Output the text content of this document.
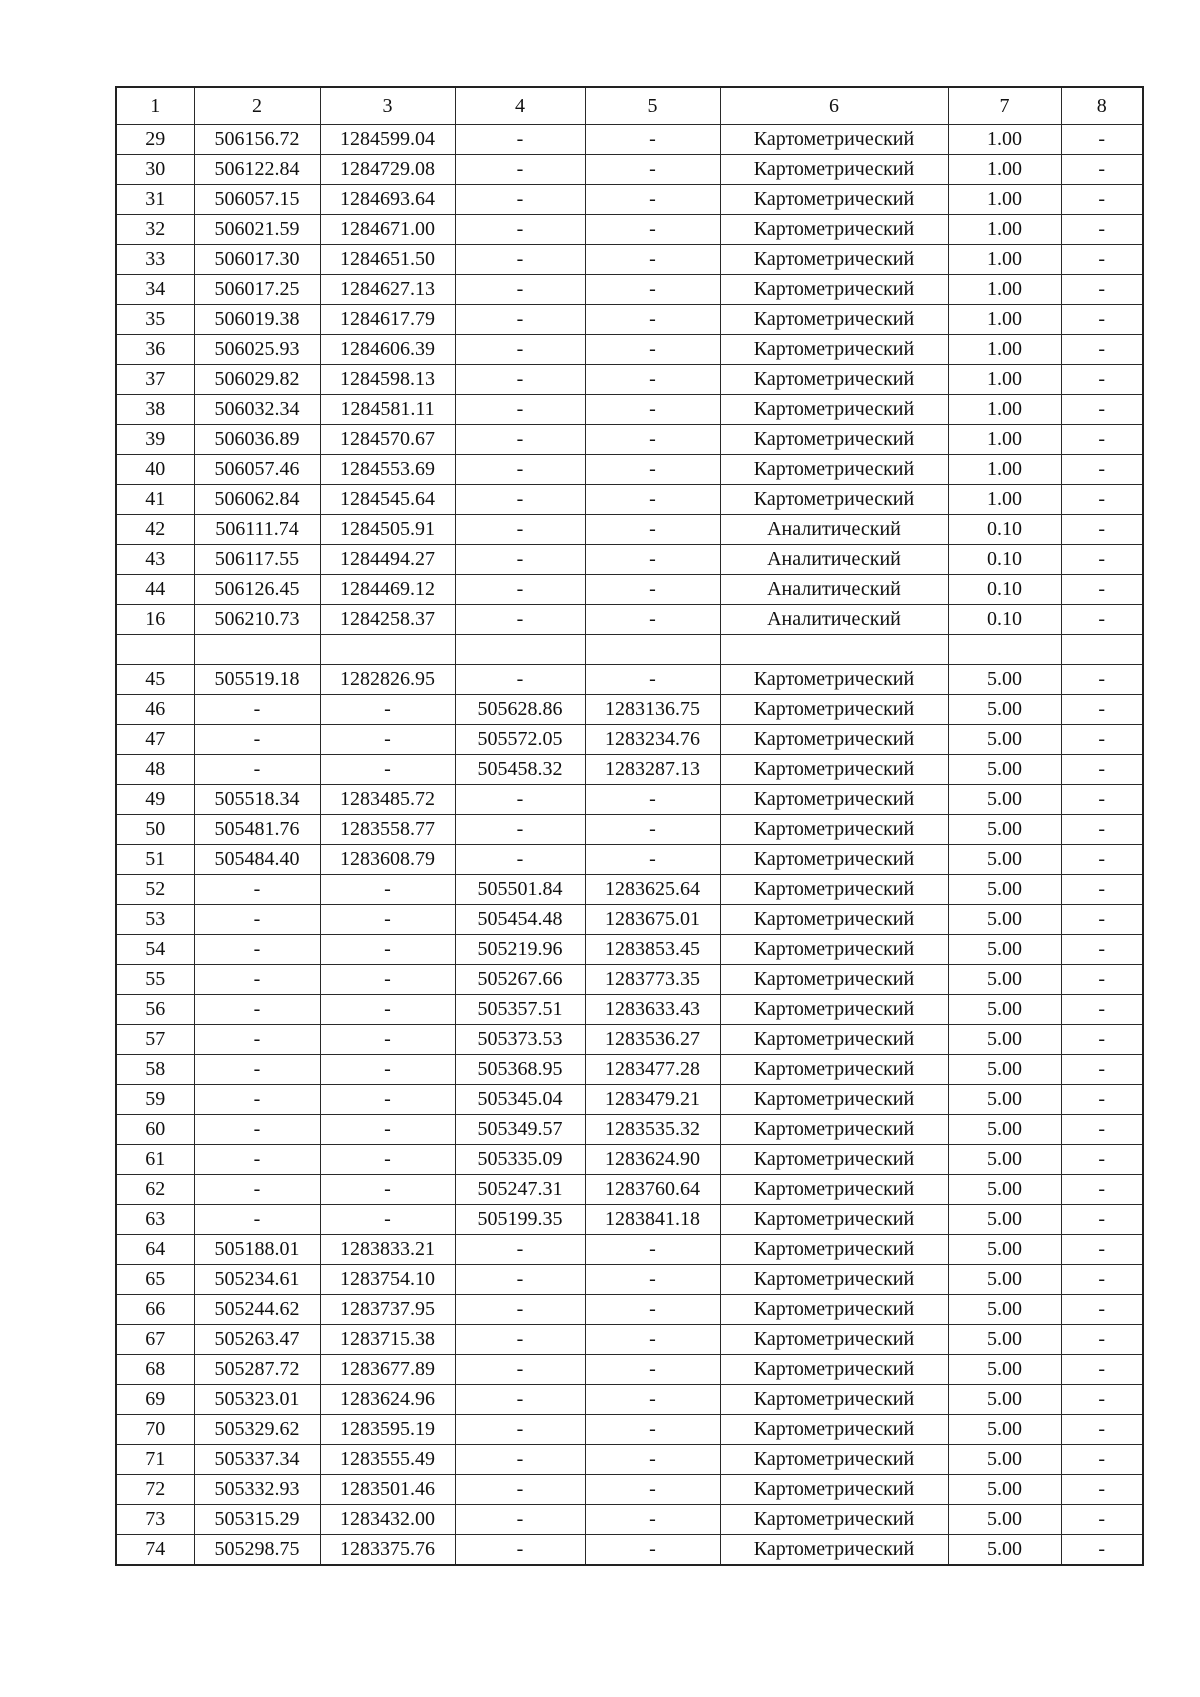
1	2	3	4	5	6	7	8
29	506156.72	1284599.04	-	-	Картометрический	1.00	-
30	506122.84	1284729.08	-	-	Картометрический	1.00	-
31	506057.15	1284693.64	-	-	Картометрический	1.00	-
32	506021.59	1284671.00	-	-	Картометрический	1.00	-
33	506017.30	1284651.50	-	-	Картометрический	1.00	-
34	506017.25	1284627.13	-	-	Картометрический	1.00	-
35	506019.38	1284617.79	-	-	Картометрический	1.00	-
36	506025.93	1284606.39	-	-	Картометрический	1.00	-
37	506029.82	1284598.13	-	-	Картометрический	1.00	-
38	506032.34	1284581.11	-	-	Картометрический	1.00	-
39	506036.89	1284570.67	-	-	Картометрический	1.00	-
40	506057.46	1284553.69	-	-	Картометрический	1.00	-
41	506062.84	1284545.64	-	-	Картометрический	1.00	-
42	506111.74	1284505.91	-	-	Аналитический	0.10	-
43	506117.55	1284494.27	-	-	Аналитический	0.10	-
44	506126.45	1284469.12	-	-	Аналитический	0.10	-
16	506210.73	1284258.37	-	-	Аналитический	0.10	-

45	505519.18	1282826.95	-	-	Картометрический	5.00	-
46	-	-	505628.86	1283136.75	Картометрический	5.00	-
47	-	-	505572.05	1283234.76	Картометрический	5.00	-
48	-	-	505458.32	1283287.13	Картометрический	5.00	-
49	505518.34	1283485.72	-	-	Картометрический	5.00	-
50	505481.76	1283558.77	-	-	Картометрический	5.00	-
51	505484.40	1283608.79	-	-	Картометрический	5.00	-
52	-	-	505501.84	1283625.64	Картометрический	5.00	-
53	-	-	505454.48	1283675.01	Картометрический	5.00	-
54	-	-	505219.96	1283853.45	Картометрический	5.00	-
55	-	-	505267.66	1283773.35	Картометрический	5.00	-
56	-	-	505357.51	1283633.43	Картометрический	5.00	-
57	-	-	505373.53	1283536.27	Картометрический	5.00	-
58	-	-	505368.95	1283477.28	Картометрический	5.00	-
59	-	-	505345.04	1283479.21	Картометрический	5.00	-
60	-	-	505349.57	1283535.32	Картометрический	5.00	-
61	-	-	505335.09	1283624.90	Картометрический	5.00	-
62	-	-	505247.31	1283760.64	Картометрический	5.00	-
63	-	-	505199.35	1283841.18	Картометрический	5.00	-
64	505188.01	1283833.21	-	-	Картометрический	5.00	-
65	505234.61	1283754.10	-	-	Картометрический	5.00	-
66	505244.62	1283737.95	-	-	Картометрический	5.00	-
67	505263.47	1283715.38	-	-	Картометрический	5.00	-
68	505287.72	1283677.89	-	-	Картометрический	5.00	-
69	505323.01	1283624.96	-	-	Картометрический	5.00	-
70	505329.62	1283595.19	-	-	Картометрический	5.00	-
71	505337.34	1283555.49	-	-	Картометрический	5.00	-
72	505332.93	1283501.46	-	-	Картометрический	5.00	-
73	505315.29	1283432.00	-	-	Картометрический	5.00	-
74	505298.75	1283375.76	-	-	Картометрический	5.00	-
